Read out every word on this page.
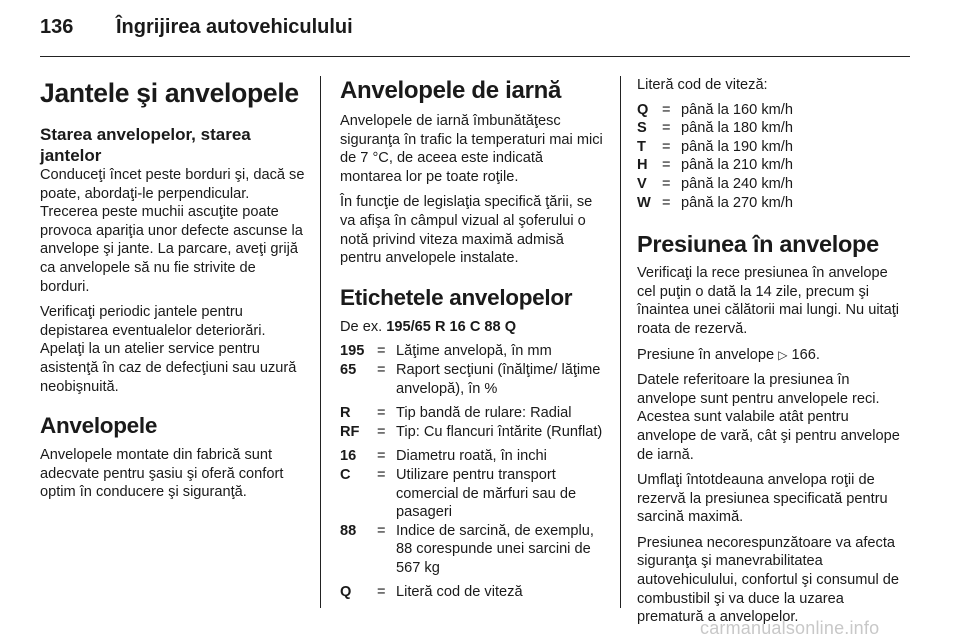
136 Îngrijirea autovehiculului
Jantele şi anvelopele
Starea anvelopelor, starea jantelor

Conduceţi încet peste borduri şi, dacă se poate, abordaţi-le perpendicular. Trecerea peste muchii ascuţite poate provoca apariţia unor defecte ascunse la anvelope şi jante. La parcare, aveţi grijă ca anvelopele să nu fie strivite de borduri.

Verificaţi periodic jantele pentru depistarea eventualelor deteriorări. Apelaţi la un atelier service pentru asistenţă în caz de defecţiuni sau uzură neobişnuită.

Anvelopele

Anvelopele montate din fabrică sunt adecvate pentru şasiu şi oferă confort optim în conducere şi siguranţă.

Anvelopele de iarnă

Anvelopele de iarnă îmbunătăţesc siguranţa în trafic la temperaturi mai mici de 7 °C, de aceea este indicată montarea lor pe toate roţile.

În funcţie de legislaţia specifică ţării, se va afişa în câmpul vizual al şoferului o notă privind viteza maximă admisă pentru anvelopele instalate.

Etichetele anvelopelor

De ex. 195/65 R 16 C 88 Q

195 = Lăţime anvelopă, în mm
65 = Raport secţiuni (înălţime/ lăţime anvelopă), în %
R = Tip bandă de rulare: Radial
RF = Tip: Cu flancuri întărite (Runflat)
16 = Diametru roată, în inchi
C = Utilizare pentru transport comercial de mărfuri sau de pasageri
88 = Indice de sarcină, de exemplu, 88 corespunde unei sarcini de 567 kg
Q = Literă cod de viteză

Literă cod de viteză:

Q = până la 160 km/h
S = până la 180 km/h
T = până la 190 km/h
H = până la 210 km/h
V = până la 240 km/h
W = până la 270 km/h
Presiunea în anvelope

Verificaţi la rece presiunea în anvelope cel puţin o dată la 14 zile, precum şi înaintea unei călătorii mai lungi. Nu uitaţi roata de rezervă.

Presiune în anvelope ▷ 166.

Datele referitoare la presiunea în anvelope sunt pentru anvelopele reci. Acestea sunt valabile atât pentru anvelope de vară, cât şi pentru anvelope de iarnă.

Umflaţi întotdeauna anvelopa roţii de rezervă la presiunea specificată pentru sarcină maximă.

Presiunea necorespunzătoare va afecta siguranţa şi manevrabilitatea autovehiculului, confortul şi consumul de combustibil şi va duce la uzarea prematură a anvelopelor.

carmanualsonline.info
